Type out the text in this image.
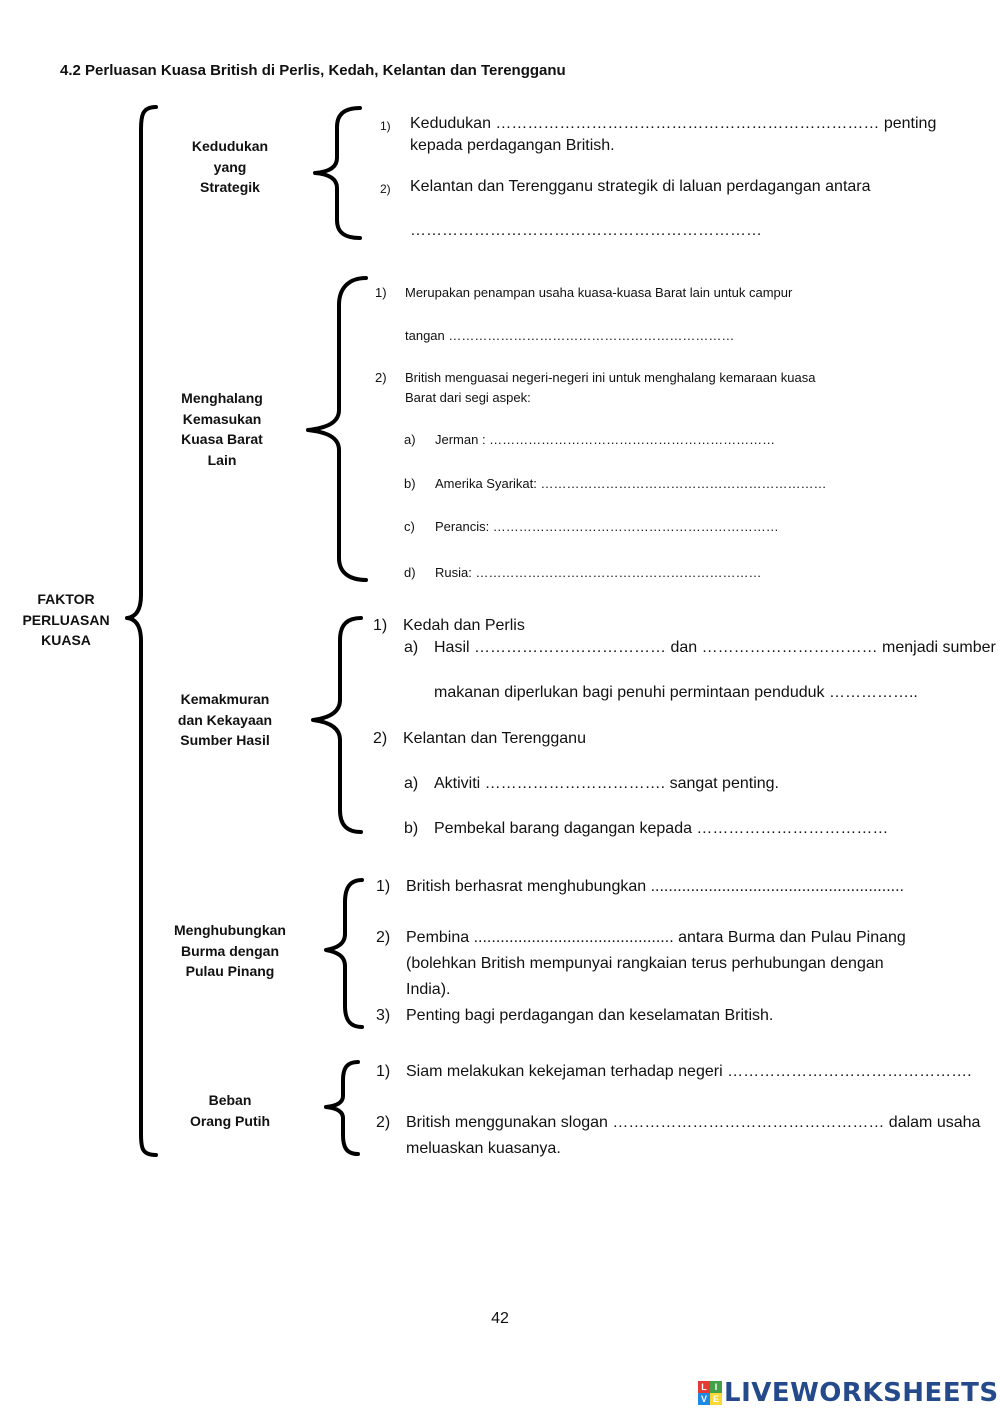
4.2 Perluasan Kuasa British di Perlis, Kedah, Kelantan dan Terengganu
FAKTOR
PERLUASAN
KUASA
Kedudukan
yang
Strategik
1) Kedudukan ……………………………………………………………… penting
kepada perdagangan British.
2) Kelantan dan Terengganu strategik di laluan perdagangan antara
…………………………………………………………
Menghalang
Kemasukan
Kuasa Barat
Lain
1) Merupakan penampan usaha kuasa-kuasa Barat lain untuk campur
tangan …………………………………………………………
2) British menguasai negeri-negeri ini untuk menghalang kemaraan kuasa
Barat dari segi aspek:
a) Jerman : …………………………………………………………
b) Amerika Syarikat: …………………………………………………………
c) Perancis: …………………………………………………………
d) Rusia: …………………………………………………………
Kemakmuran
dan Kekayaan
Sumber Hasil
1) Kedah dan Perlis
a) Hasil ……………………………… dan …………………………… menjadi sumber
makanan diperlukan bagi penuhi permintaan penduduk ……………..
2) Kelantan dan Terengganu
a) Aktiviti ……………………………. sangat penting.
b) Pembekal barang dagangan kepada ………………………………
Menghubungkan
Burma dengan
Pulau Pinang
1) British berhasrat menghubungkan .........................................................
2) Pembina ............................................. antara Burma dan Pulau Pinang
(bolehkan British mempunyai rangkaian terus perhubungan dengan
India).
3) Penting bagi perdagangan dan keselamatan British.
Beban
Orang Putih
1) Siam melakukan kekejaman terhadap negeri ……………………………………….
2) British menggunakan slogan …………………………………………… dalam usaha
meluaskan kuasanya.
42
L I
V E LIVEWORKSHEETS
